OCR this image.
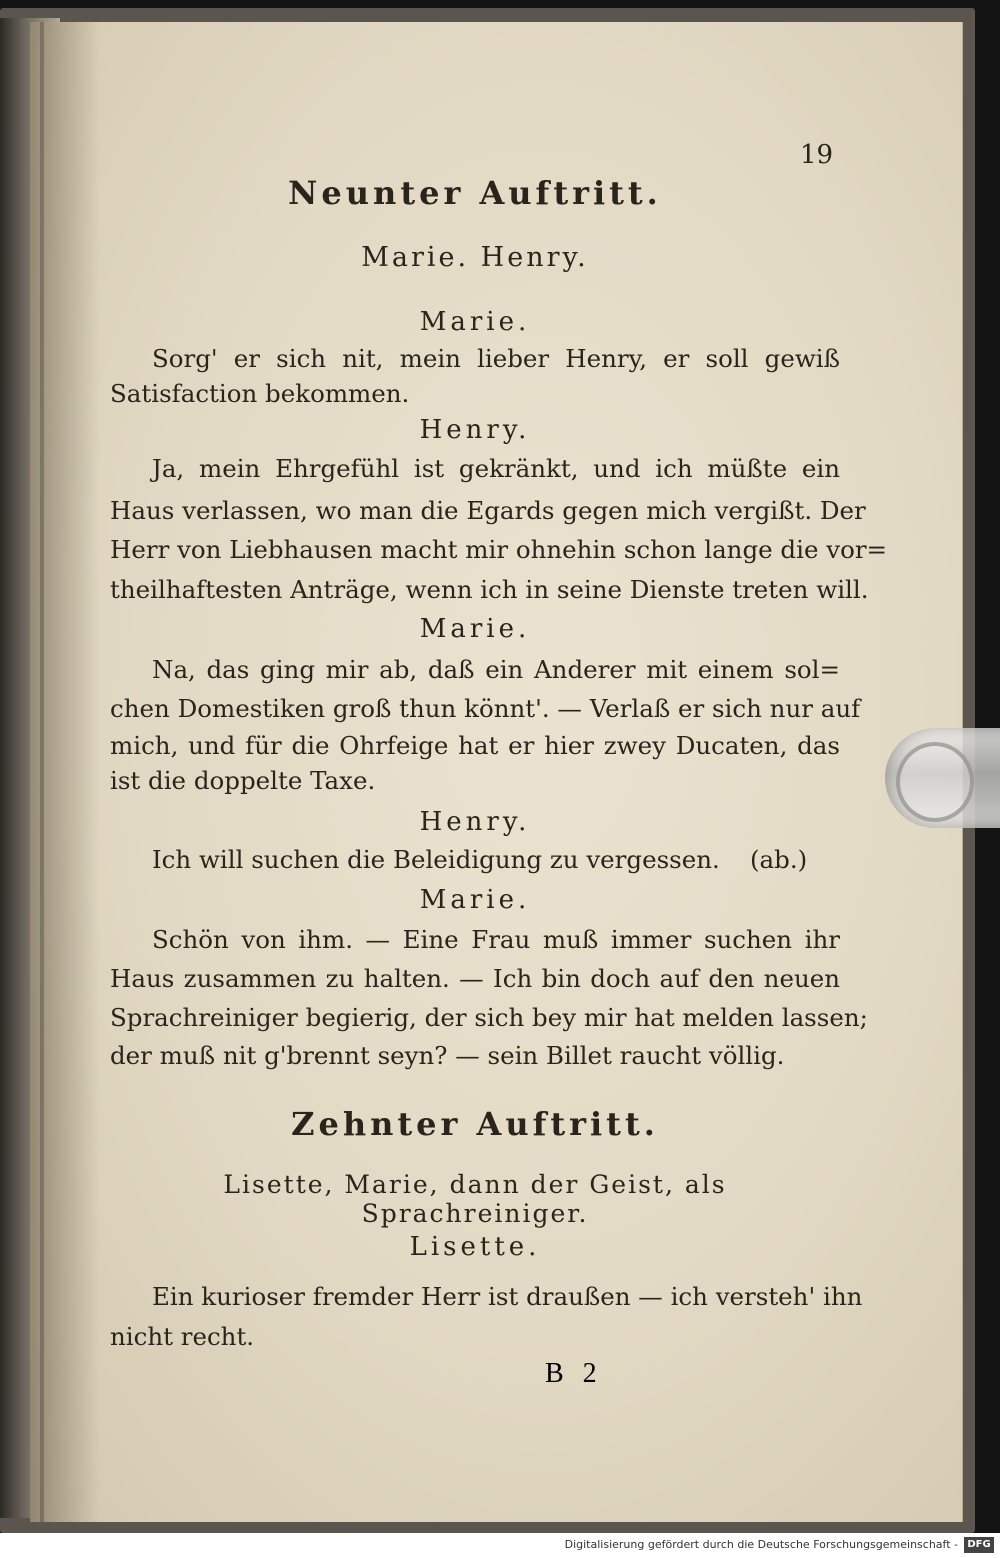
19
Neunter Auftritt.
Marie. Henry.
Marie.
Sorg' er sich nit, mein lieber Henry, er soll gewiß
Satisfaction bekommen.
Henry.
Ja, mein Ehrgefühl ist gekränkt, und ich müßte ein
Haus verlassen, wo man die Egards gegen mich vergißt. Der
Herr von Liebhausen macht mir ohnehin schon lange die vor=
theilhaftesten Anträge, wenn ich in seine Dienste treten will.
Marie.
Na, das ging mir ab, daß ein Anderer mit einem sol=
chen Domestiken groß thun könnt'. — Verlaß er sich nur auf
mich, und für die Ohrfeige hat er hier zwey Ducaten, das
ist die doppelte Taxe.
Henry.
Ich will suchen die Beleidigung zu vergessen. (ab.)
Marie.
Schön von ihm. — Eine Frau muß immer suchen ihr
Haus zusammen zu halten. — Ich bin doch auf den neuen
Sprachreiniger begierig, der sich bey mir hat melden lassen;
der muß nit g'brennt seyn? — sein Billet raucht völlig.
Zehnter Auftritt.
Lisette, Marie, dann der Geist, als Sprachreiniger.
Lisette.
Ein kurioser fremder Herr ist draußen — ich versteh' ihn
nicht recht.
B 2
Digitalisierung gefördert durch die Deutsche Forschungsgemeinschaft - DFG
